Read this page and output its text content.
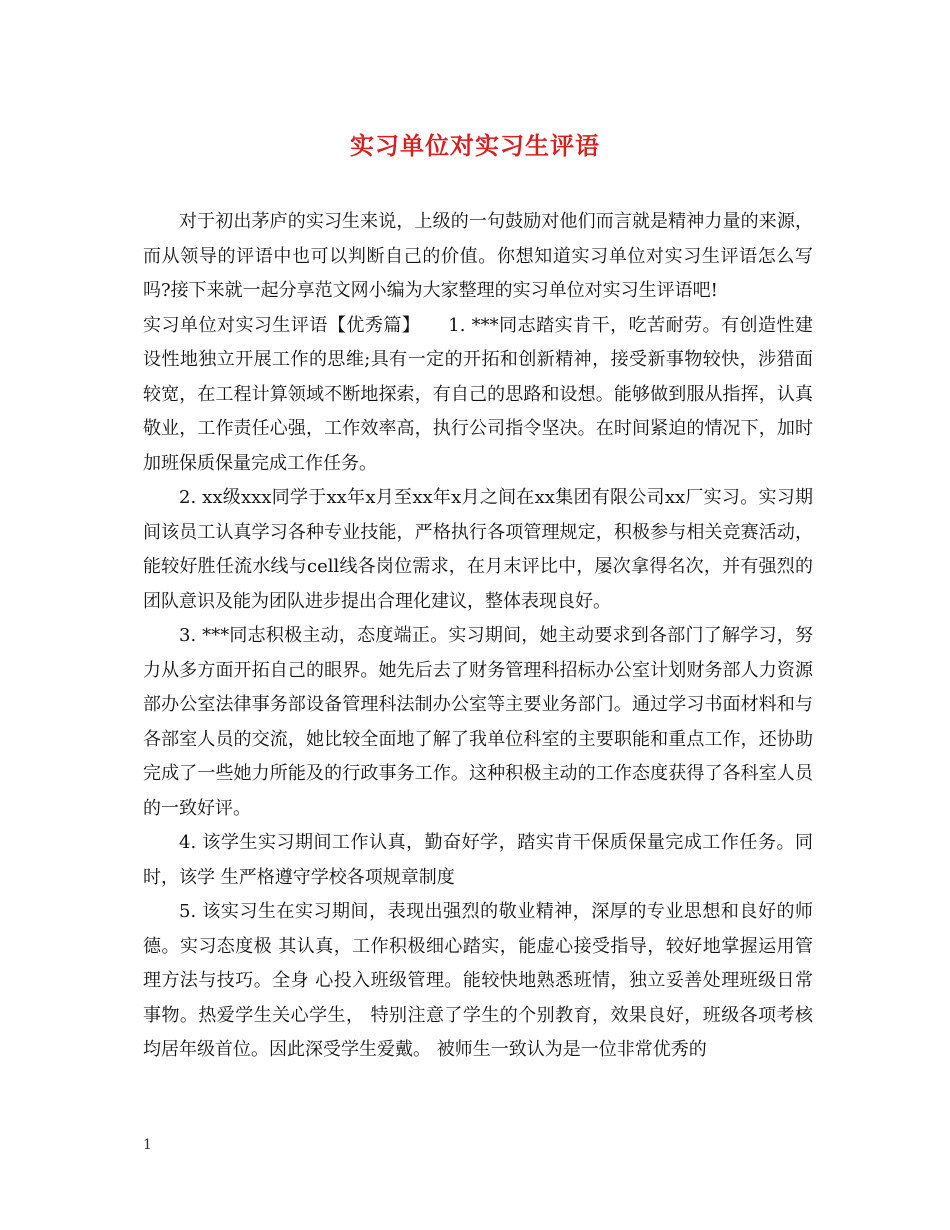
实习单位对实习生评语

对于初出茅庐的实习生来说，上级的一句鼓励对他们而言就是精神力量的来源，而从领导的评语中也可以判断自己的价值。你想知道实习单位对实习生评语怎么写吗?接下来就一起分享范文网小编为大家整理的实习单位对实习生评语吧!

实习单位对实习生评语【优秀篇】　　1. ***同志踏实肯干，吃苦耐劳。有创造性建设性地独立开展工作的思维;具有一定的开拓和创新精神，接受新事物较快，涉猎面较宽，在工程计算领域不断地探索，有自己的思路和设想。能够做到服从指挥，认真敬业，工作责任心强，工作效率高，执行公司指令坚决。在时间紧迫的情况下，加时加班保质保量完成工作任务。

2. xx级xxx同学于xx年x月至xx年x月之间在xx集团有限公司xx厂实习。实习期间该员工认真学习各种专业技能，严格执行各项管理规定，积极参与相关竞赛活动，能较好胜任流水线与cell线各岗位需求，在月末评比中，屡次拿得名次，并有强烈的团队意识及能为团队进步提出合理化建议，整体表现良好。

3. ***同志积极主动，态度端正。实习期间，她主动要求到各部门了解学习，努力从多方面开拓自己的眼界。她先后去了财务管理科招标办公室计划财务部人力资源部办公室法律事务部设备管理科法制办公室等主要业务部门。通过学习书面材料和与各部室人员的交流，她比较全面地了解了我单位科室的主要职能和重点工作，还协助完成了一些她力所能及的行政事务工作。这种积极主动的工作态度获得了各科室人员的一致好评。

4. 该学生实习期间工作认真，勤奋好学，踏实肯干保质保量完成工作任务。同时，该学 生严格遵守学校各项规章制度

5. 该实习生在实习期间，表现出强烈的敬业精神，深厚的专业思想和良好的师德。实习态度极 其认真，工作积极细心踏实，能虚心接受指导，较好地掌握运用管理方法与技巧。全身 心投入班级管理。能较快地熟悉班情，独立妥善处理班级日常事物。热爱学生关心学生， 特别注意了学生的个别教育，效果良好，班级各项考核均居年级首位。因此深受学生爱戴。 被师生一致认为是一位非常优秀的

1
